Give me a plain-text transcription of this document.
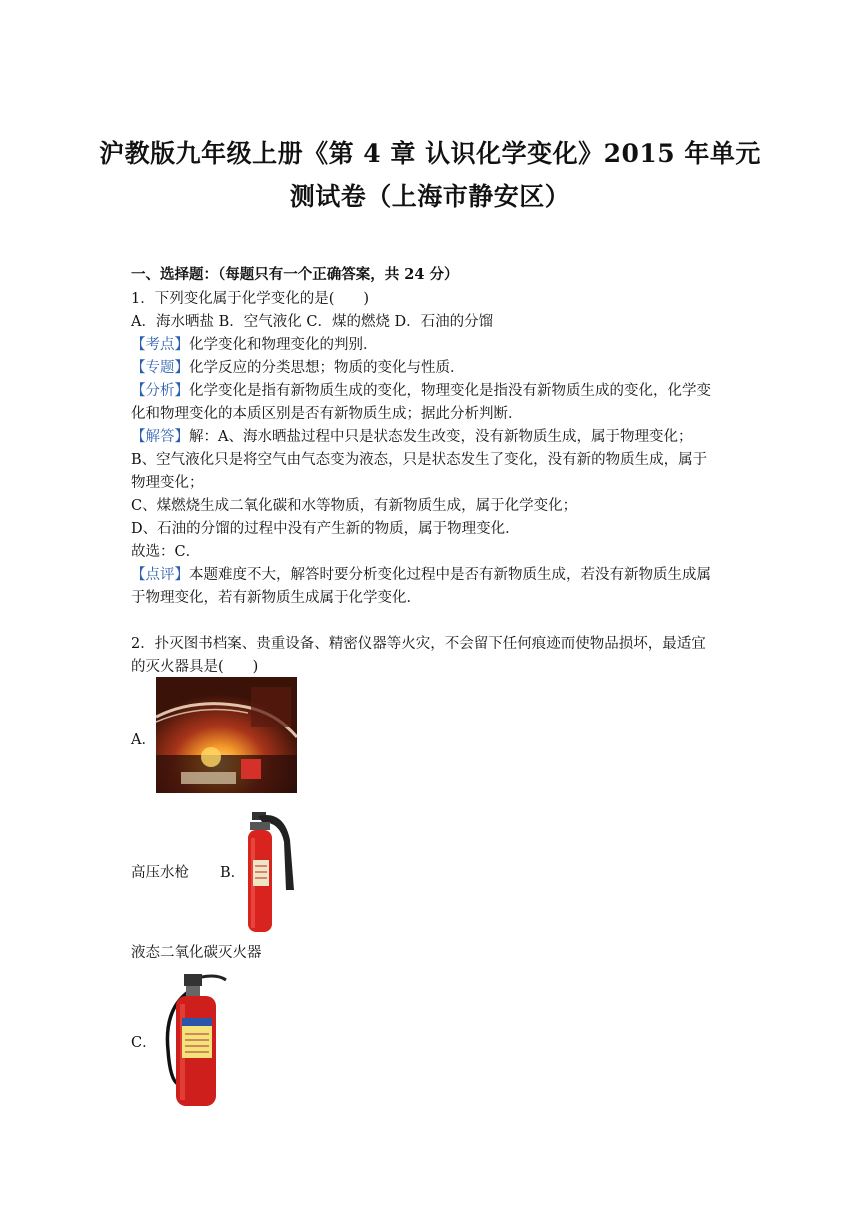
沪教版九年级上册《第 4 章 认识化学变化》2015 年单元
测试卷（上海市静安区）
一、选择题：（每题只有一个正确答案，共 24 分）
1．下列变化属于化学变化的是(　　)
A．海水晒盐 B．空气液化 C．煤的燃烧 D．石油的分馏
【考点】化学变化和物理变化的判别．
【专题】化学反应的分类思想；物质的变化与性质．
【分析】化学变化是指有新物质生成的变化，物理变化是指没有新物质生成的变化，化学变
化和物理变化的本质区别是否有新物质生成；据此分析判断．
【解答】解：A、海水晒盐过程中只是状态发生改变，没有新物质生成，属于物理变化；
B、空气液化只是将空气由气态变为液态，只是状态发生了变化，没有新的物质生成，属于
物理变化；
C、煤燃烧生成二氧化碳和水等物质，有新物质生成，属于化学变化；
D、石油的分馏的过程中没有产生新的物质，属于物理变化．
故选：C．
【点评】本题难度不大，解答时要分析变化过程中是否有新物质生成，若没有新物质生成属
于物理变化，若有新物质生成属于化学变化．
2．扑灭图书档案、贵重设备、精密仪器等火灾，不会留下任何痕迹而使物品损坏，最适宜
的灭火器具是(　　)
A．
高压水枪 B．
液态二氧化碳灭火器
C．
